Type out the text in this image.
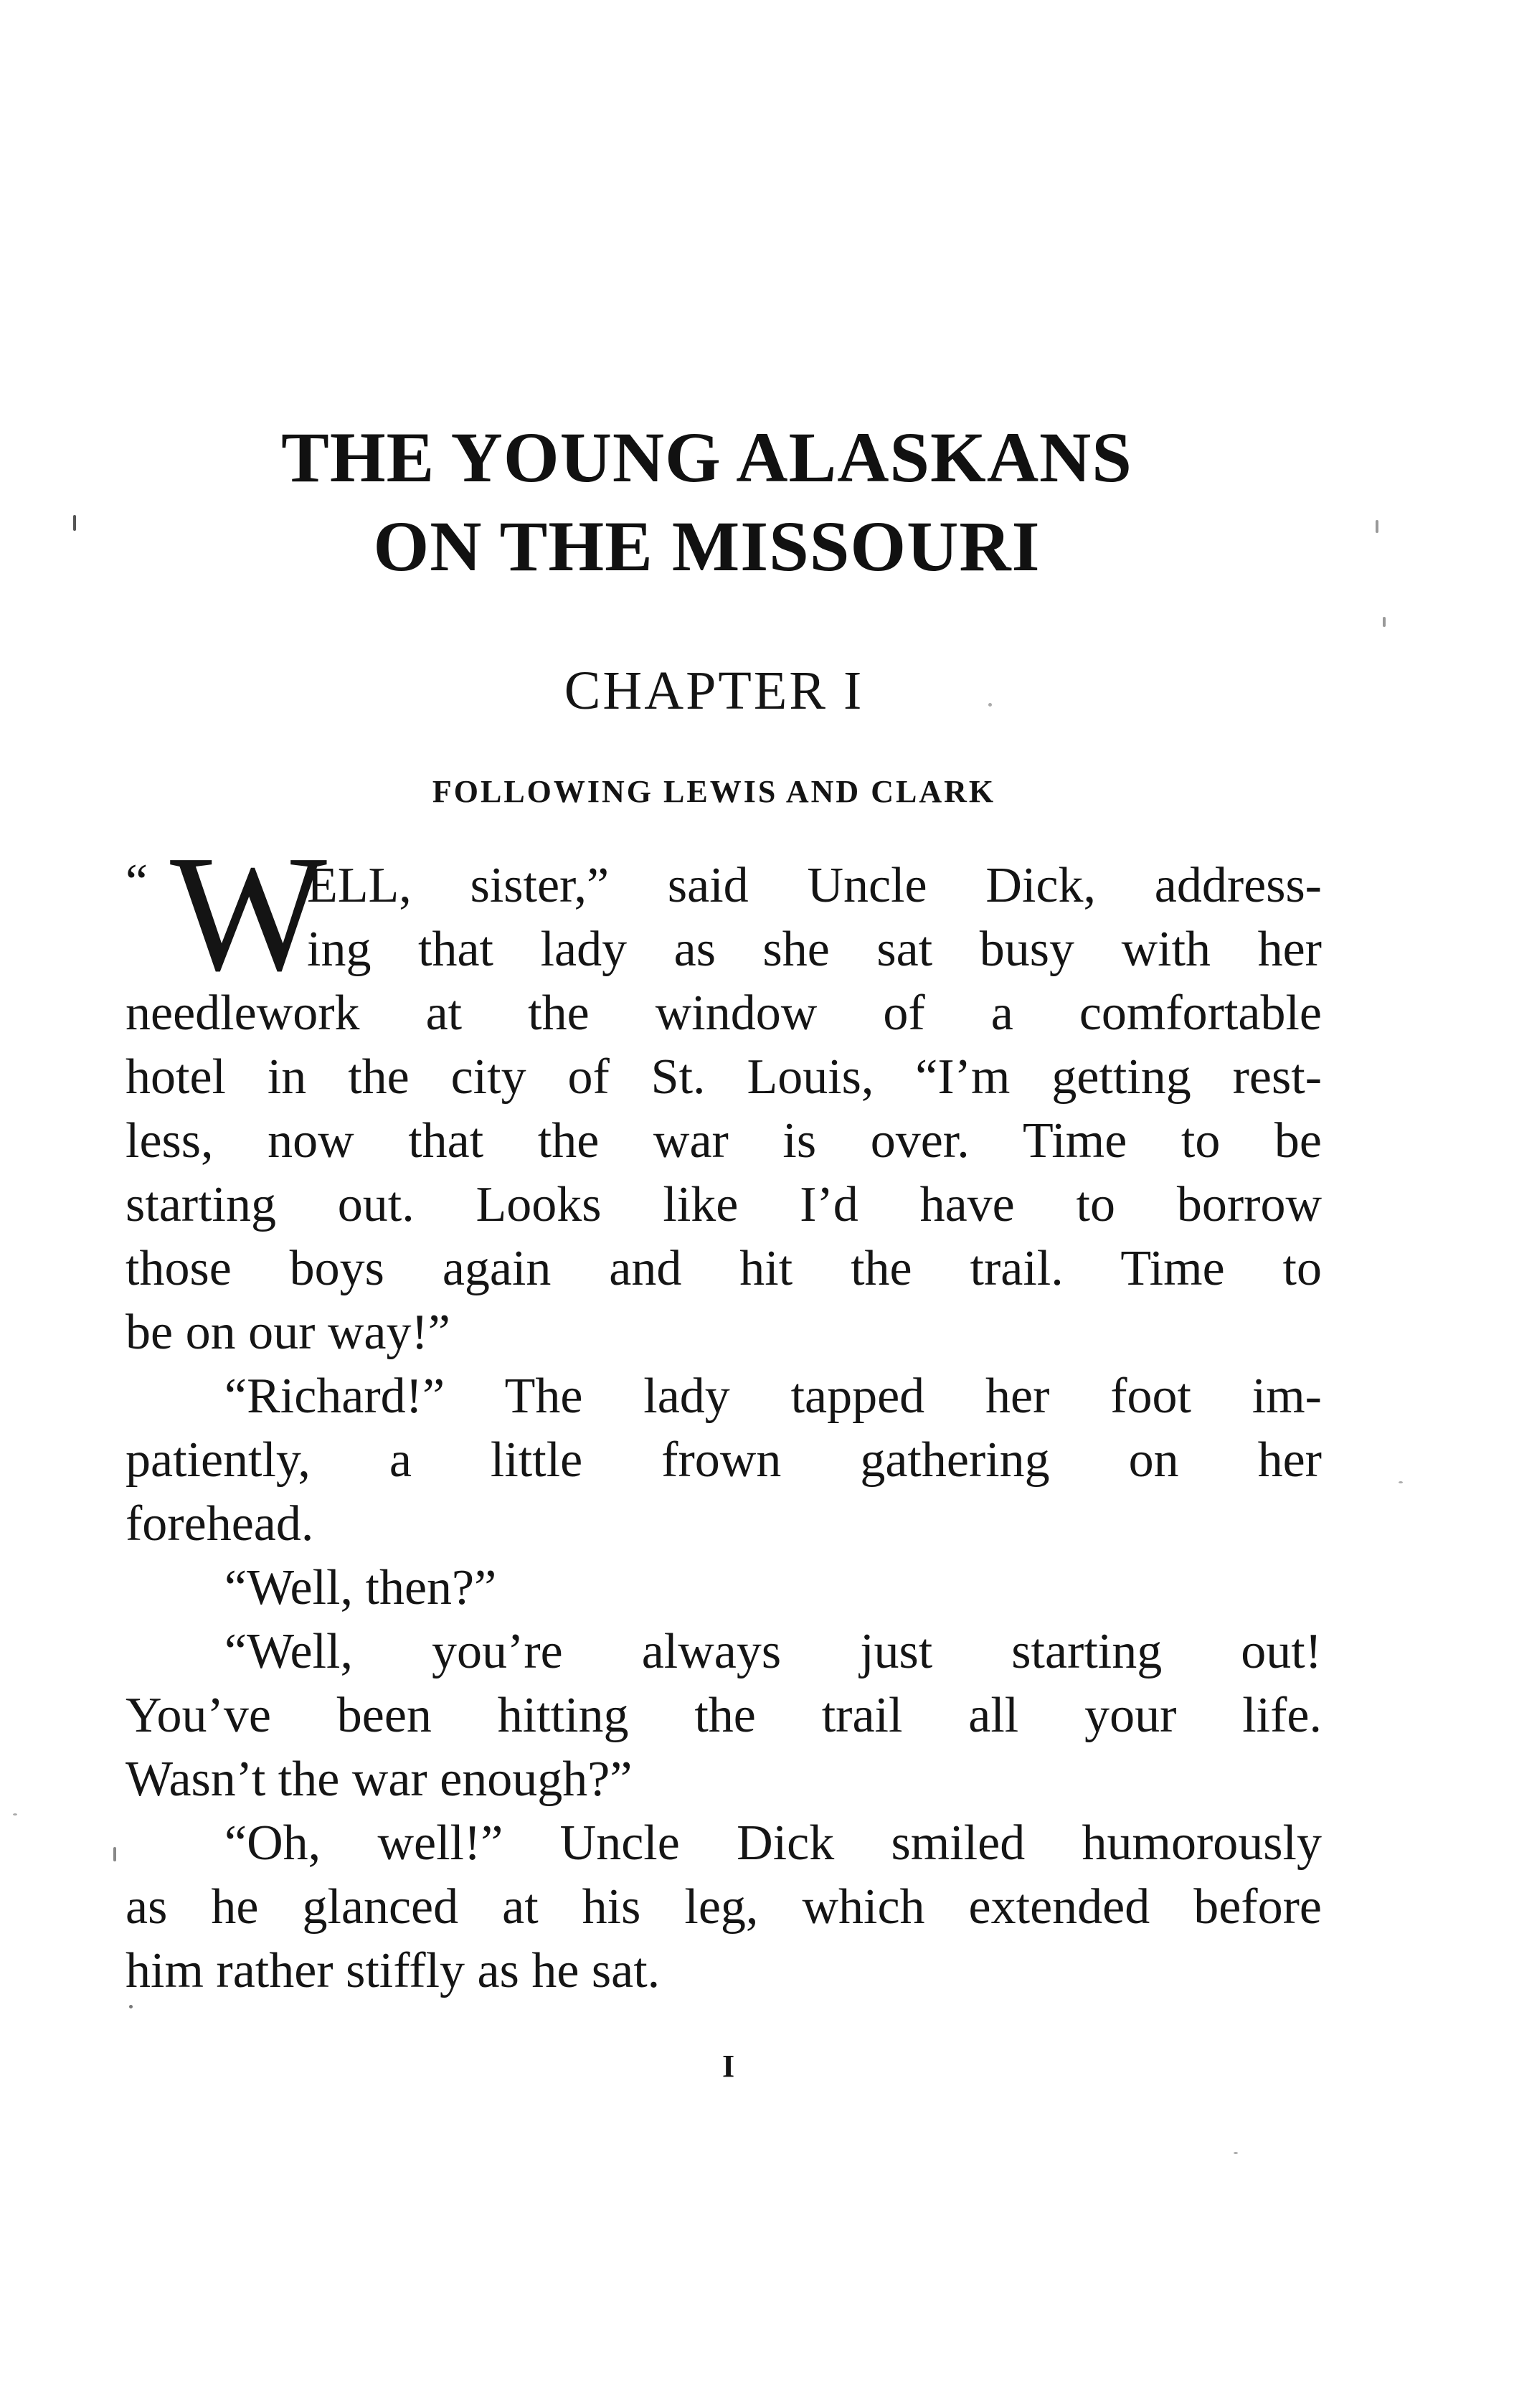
THE YOUNG ALASKANS
ON THE MISSOURI
CHAPTER I
FOLLOWING LEWIS AND CLARK
“ W
ELL, sister,” said Uncle Dick, address-
ing that lady as she sat busy with her
needlework at the window of a comfortable
hotel in the city of St. Louis, “I’m getting rest-
less, now that the war is over. Time to be
starting out. Looks like I’d have to borrow
those boys again and hit the trail. Time to
be on our way!”
“Richard!” The lady tapped her foot im-
patiently, a little frown gathering on her
forehead.
“Well, then?”
“Well, you’re always just starting out!
You’ve been hitting the trail all your life.
Wasn’t the war enough?”
“Oh, well!” Uncle Dick smiled humorously
as he glanced at his leg, which extended before
him rather stiffly as he sat.
I
